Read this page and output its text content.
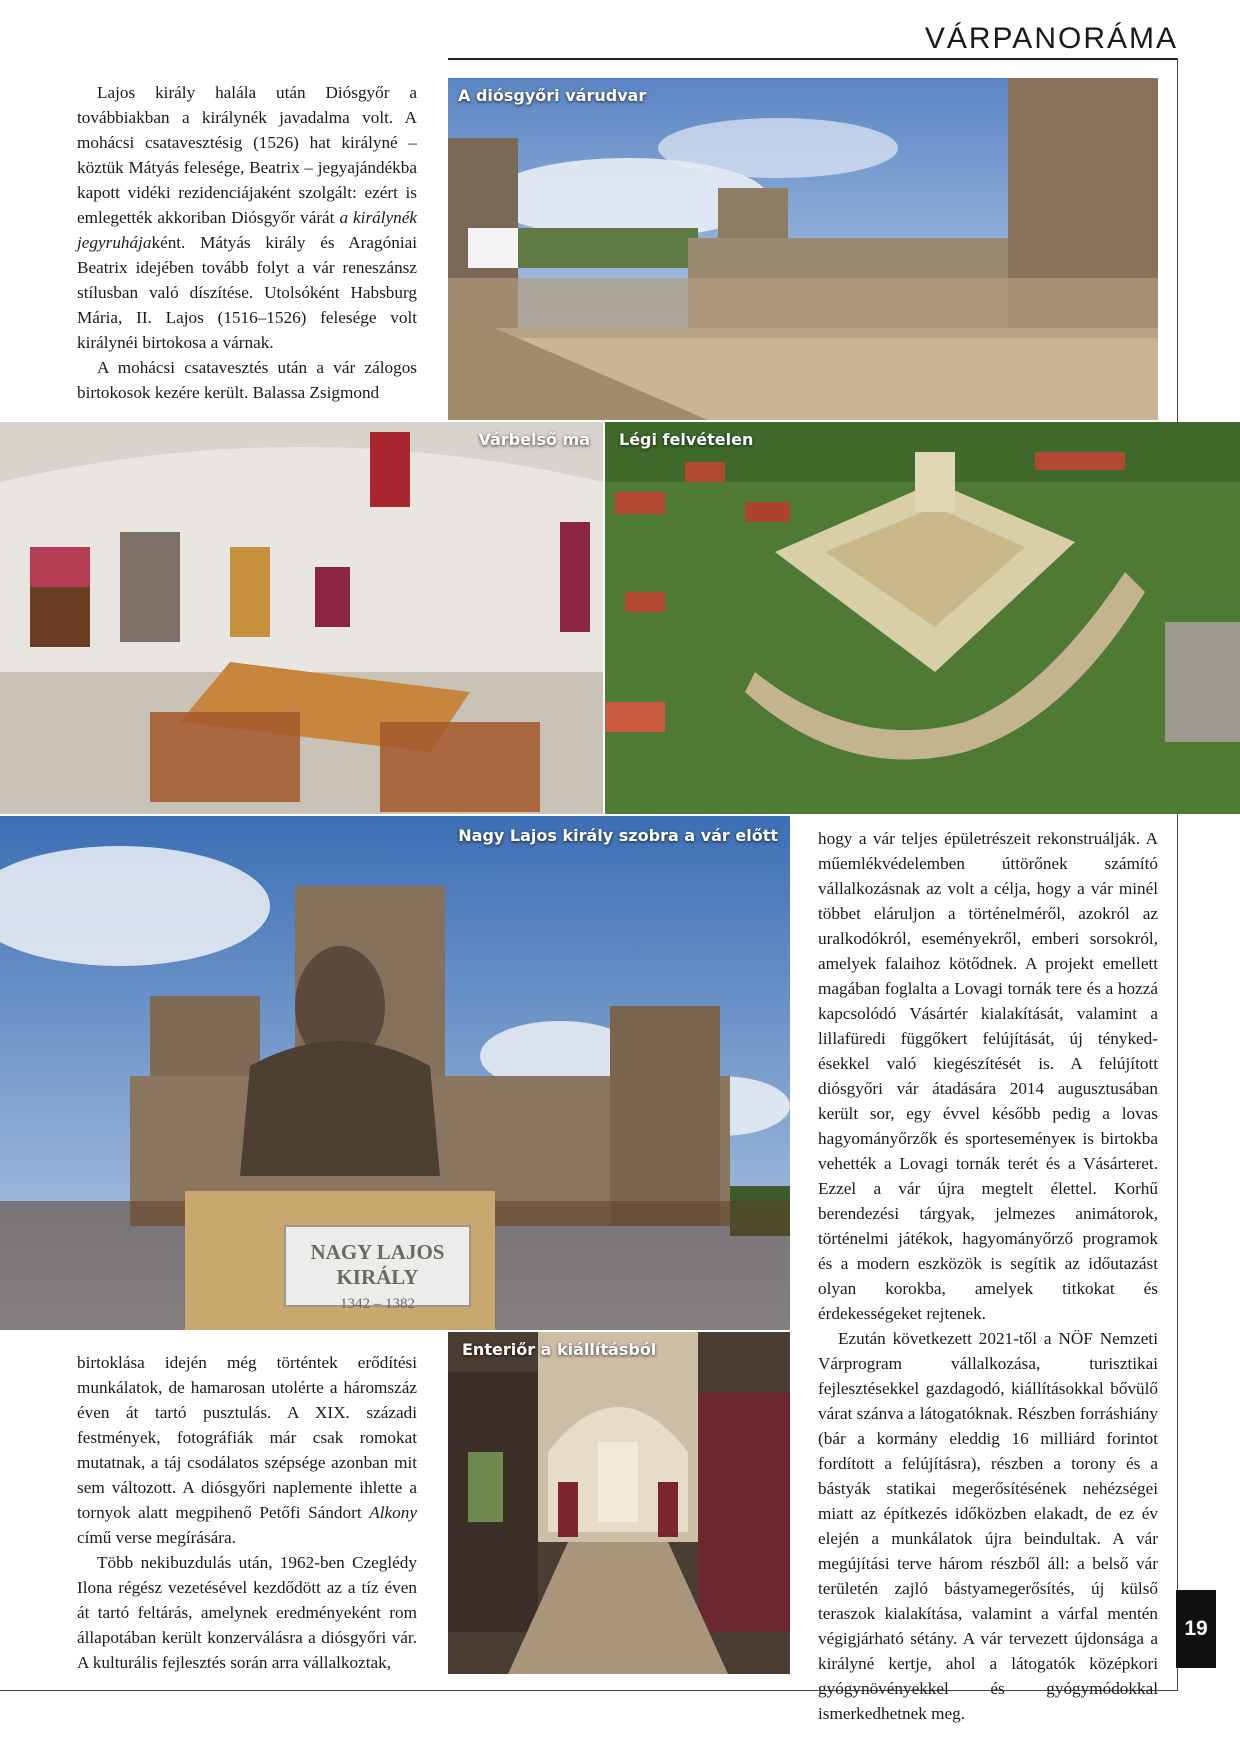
VÁRPANORÁMA

Lajos király halála után Diósgyőr a továbbiakban a királynék javadalma volt. A mohácsi csatavesztésig (1526) hat királyné – köztük Mátyás felesége, Beatrix – jegyajándékba kapott vidéki rezidenciájaként szolgált: ezért is emlegették akkoriban Diósgyőr várát a királynék jegyruhájaként. Mátyás király és Aragóniai Beatrix idejében tovább folyt a vár reneszánsz stílusban való díszítése. Utolsóként Habsburg Mária, II. Lajos (1516–1526) felesége volt királynéi birtokosa a várnak.

A mohácsi csatavesztés után a vár zálogos birtokosok kezére került. Balassa Zsigmond

A diósgyőri várudvar
Várbelső ma Légi felvételen
NAGY LAJOS KIRÁLY
1342 – 1382
Nagy Lajos király szobra a vár előtt

birtoklása idején még történtek erődítési munkálatok, de hamarosan utolérte a háromszáz éven át tartó pusztulás. A XIX. századi festmények, fotográfiák már csak romokat mutatnak, a táj csodálatos szépsége azonban mit sem változott. A diósgyőri naplemente ihlette a tornyok alatt megpihenő Petőfi Sándort Alkony című verse megírására.

Több nekibuzdulás után, 1962-ben Czeglédy Ilona régész vezetésével kezdődött az a tíz éven át tartó feltárás, amelynek eredményeként rom állapotában került konzerválásra a diósgyőri vár. A kulturális fejlesztés során arra vállalkoztak,

Enteriőr a kiállításból

hogy a vár teljes épületrészeit rekonstruálják. A műemlékvédelemben úttörőnek számító vállalkozásnak az volt a célja, hogy a vár minél többet eláruljon a történelméről, azokról az uralkodókról, eseményekről, emberi sorsokról, amelyek falaihoz kötődnek. A projekt emellett magában foglalta a Lovagi tornák tere és a hozzá kapcsolódó Vásártér kialakítását, valamint a lillafüredi függőkert felújítását, új ténykedésekkel való kiegészítését is. A felújított diósgyőri vár átadására 2014 augusztusában került sor, egy évvel később pedig a lovas hagyományőrzők és sporteseményeк is birtokba vehették a Lovagi tornák terét és a Vásárteret. Ezzel a vár újra megtelt élettel. Korhű berendezési tárgyak, jelmezes animátorok, történelmi játékok, hagyományőrző programok és a modern eszközök is segítik az időutazást olyan korokba, amelyek titkokat és érdekességeket rejtenek.

Ezután következett 2021-től a NÖF Nemzeti Várprogram vállalkozása, turisztikai fejlesztésekkel gazdagodó, kiállításokkal bővülő várat szánva a látogatóknak. Részben forráshiány (bár a kormány eleddig 16 milliárd forintot fordított a felújításra), részben a torony és a bástyák statikai megerősítésének nehézségei miatt az építkezés időközben elakadt, de ez év elején a munkálatok újra beindultak. A vár megújítási terve három részből áll: a belső vár területén zajló bástyamegerősítés, új külső teraszok kialakítása, valamint a várfal mentén végigjárható sétány. A vár tervezett újdonsága a királyné kertje, ahol a látogatók középkori gyógynövényekkel és gyógymódokkal ismerkedhetnek meg.

19
